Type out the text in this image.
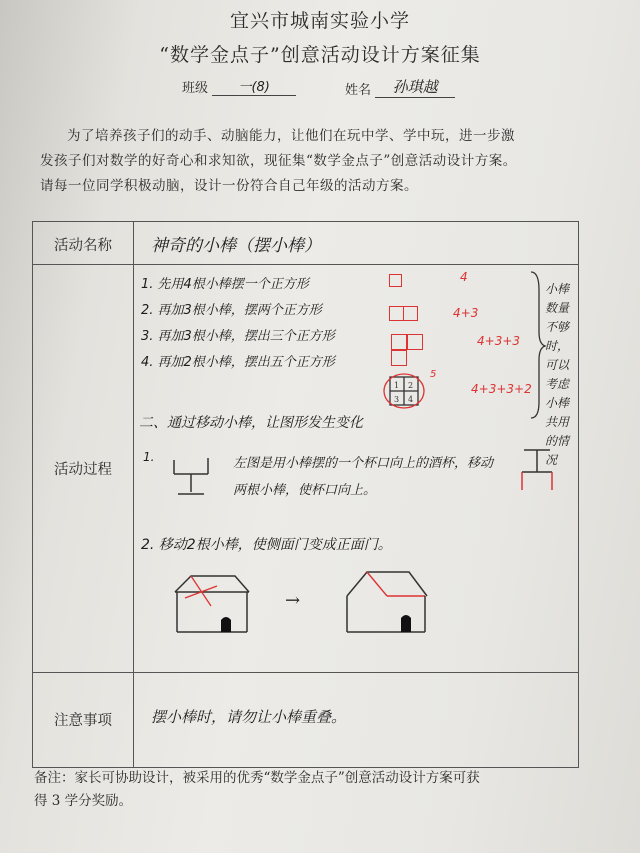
宜兴市城南实验小学
“数学金点子”创意活动设计方案征集
班级 一(8)	姓名 孙琪越

为了培养孩子们的动手、动脑能力，让他们在玩中学、学中玩，进一步激

发孩子们对数学的好奇心和求知欲，现征集“数学金点子”创意活动设计方案。

请每一位同学积极动脑，设计一份符合自己年级的活动方案。

活动名称	神奇的小棒（摆小棒）
活动过程
1. 先用4根小棒摆一个正方形
2. 再加3根小棒，摆两个正方形
3. 再加3根小棒，摆出三个正方形
4. 再加2根小棒，摆出五个正方形
1 2
3 4
5
4
4+3
4+3+3
4+3+3+2
小棒数量不够时，可以考虑小棒共用的情况
二、通过移动小棒，让图形发生变化
1.	左图是用小棒摆的一个杯口向上的酒杯，移动两根小棒，使杯口向上。
2. 移动2根小棒，使侧面门变成正面门。
→
注意事项	摆小棒时，请勿让小棒重叠。

备注：家长可协助设计，被采用的优秀“数学金点子”创意活动设计方案可获

得 3 学分奖励。
